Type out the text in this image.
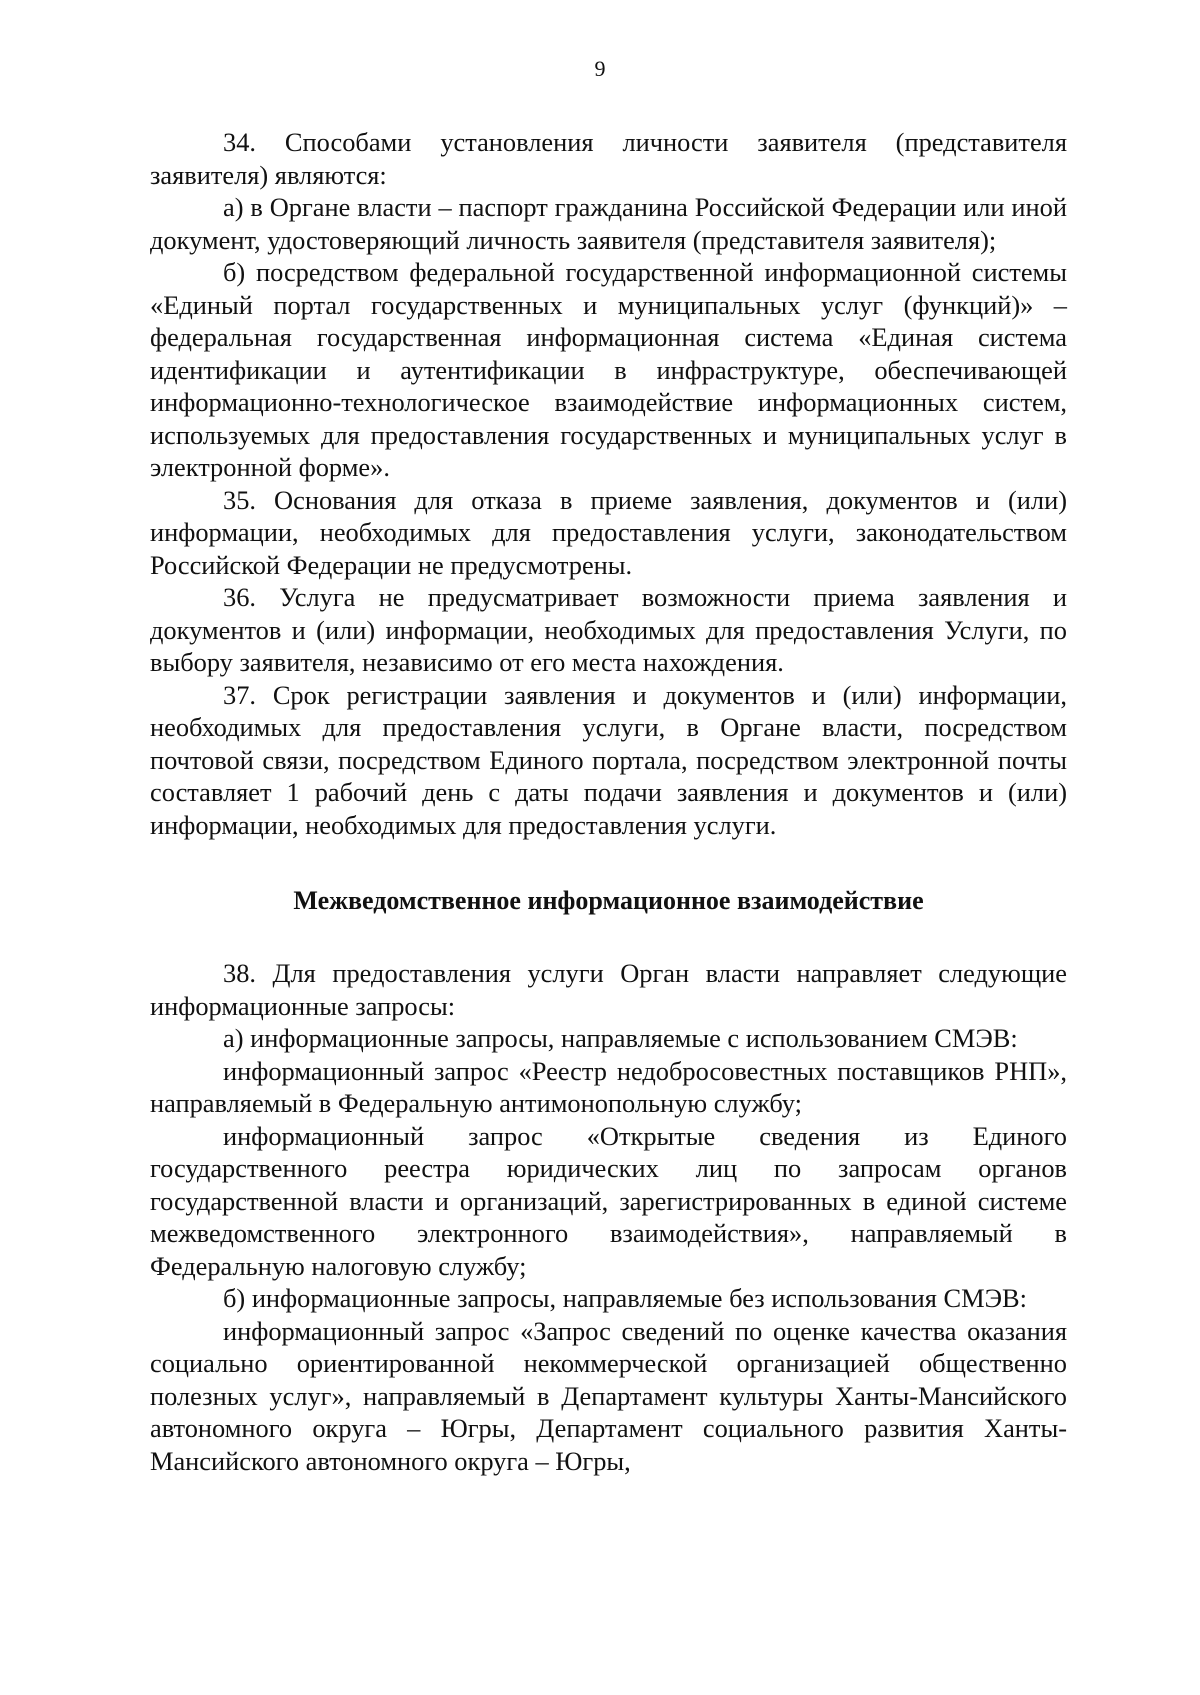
9

34. Способами установления личности заявителя (представителя заявителя) являются:

а) в Органе власти – паспорт гражданина Российской Федерации или иной документ, удостоверяющий личность заявителя (представителя заявителя);

б) посредством федеральной государственной информационной системы «Единый портал государственных и муниципальных услуг (функций)» – федеральная государственная информационная система «Единая система идентификации и аутентификации в инфраструктуре, обеспечивающей информационно-технологическое взаимодействие информационных систем, используемых для предоставления государственных и муниципальных услуг в электронной форме».

35. Основания для отказа в приеме заявления, документов и (или) информации, необходимых для предоставления услуги, законодательством Российской Федерации не предусмотрены.

36. Услуга не предусматривает возможности приема заявления и документов и (или) информации, необходимых для предоставления Услуги, по выбору заявителя, независимо от его места нахождения.

37. Срок регистрации заявления и документов и (или) информации, необходимых для предоставления услуги, в Органе власти, посредством почтовой связи, посредством Единого портала, посредством электронной почты составляет 1 рабочий день с даты подачи заявления и документов и (или) информации, необходимых для предоставления услуги.

Межведомственное информационное взаимодействие

38. Для предоставления услуги Орган власти направляет следующие информационные запросы:

а) информационные запросы, направляемые с использованием СМЭВ:

информационный запрос «Реестр недобросовестных поставщиков РНП», направляемый в Федеральную антимонопольную службу;

информационный запрос «Открытые сведения из Единого государственного реестра юридических лиц по запросам органов государственной власти и организаций, зарегистрированных в единой системе межведомственного электронного взаимодействия», направляемый в Федеральную налоговую службу;

б) информационные запросы, направляемые без использования СМЭВ:

информационный запрос «Запрос сведений по оценке качества оказания социально ориентированной некоммерческой организацией общественно полезных услуг», направляемый в Департамент культуры Ханты-Мансийского автономного округа – Югры, Департамент социального развития Ханты-Мансийского автономного округа – Югры,
